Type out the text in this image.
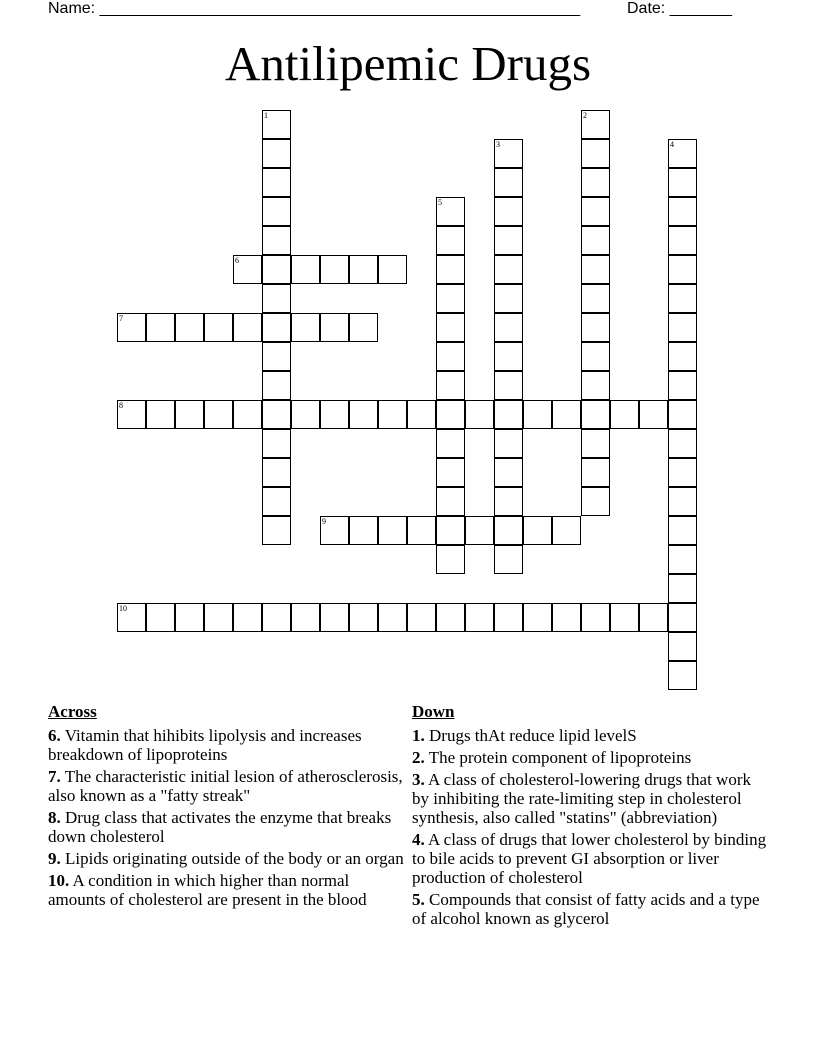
Name: ______________________________________________________	Date: _______
Antilipemic Drugs
1	2
3	4
5
6
7
8
9
10
Across
6. Vitamin that hihibits lipolysis and increases breakdown of lipoproteins
7. The characteristic initial lesion of atherosclerosis, also known as a "fatty streak"
8. Drug class that activates the enzyme that breaks down cholesterol
9. Lipids originating outside of the body or an organ
10. A condition in which higher than normal amounts of cholesterol are present in the blood
Down
1. Drugs thAt reduce lipid levelS
2. The protein component of lipoproteins
3. A class of cholesterol-lowering drugs that work by inhibiting the rate-limiting step in cholesterol synthesis, also called "statins" (abbreviation)
4. A class of drugs that lower cholesterol by binding to bile acids to prevent GI absorption or liver production of cholesterol
5. Compounds that consist of fatty acids and a type of alcohol known as glycerol
